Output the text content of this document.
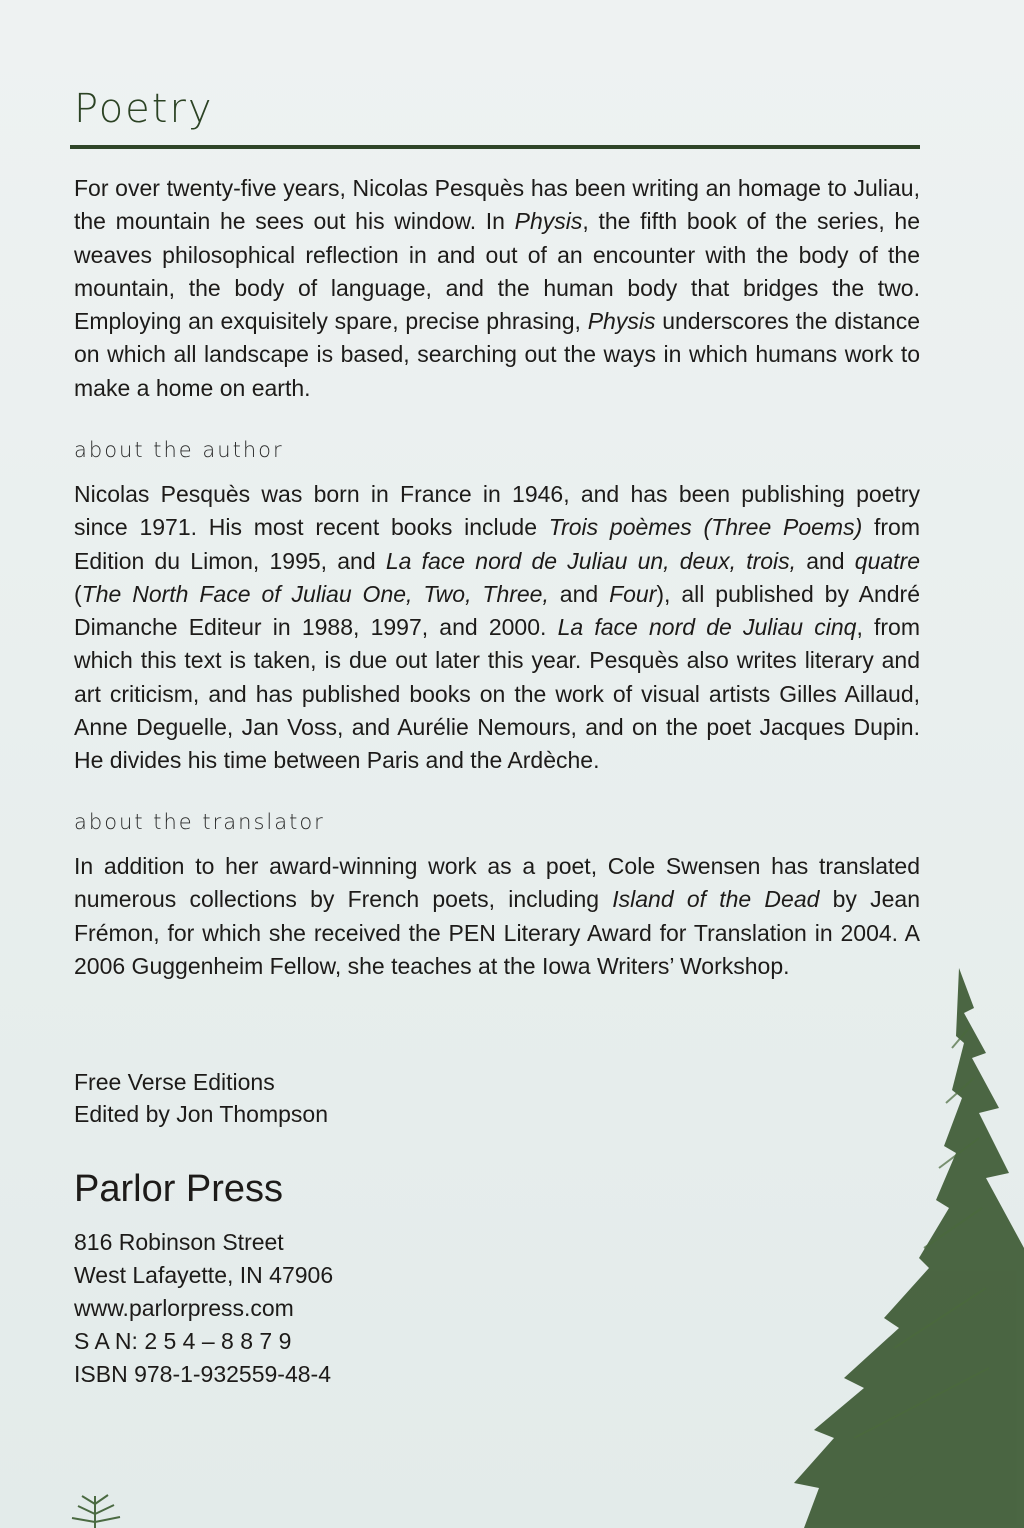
Poetry

For over twenty-five years, Nicolas Pesquès has been writing an homage to Juliau, the mountain he sees out his window. In Physis, the fifth book of the series, he weaves philosophical reflection in and out of an encounter with the body of the mountain, the body of language, and the human body that bridges the two. Employing an exquisitely spare, precise phrasing, Physis underscores the distance on which all landscape is based, searching out the ways in which humans work to make a home on earth.

about the author

Nicolas Pesquès was born in France in 1946, and has been publishing poetry since 1971. His most recent books include Trois poèmes (Three Poems) from Edition du Limon, 1995, and La face nord de Juliau un, deux, trois, and quatre (The North Face of Juliau One, Two, Three, and Four), all published by André Dimanche Editeur in 1988, 1997, and 2000. La face nord de Juliau cinq, from which this text is taken, is due out later this year. Pesquès also writes literary and art criticism, and has published books on the work of visual artists Gilles Aillaud, Anne Deguelle, Jan Voss, and Aurélie Nemours, and on the poet Jacques Dupin. He divides his time between Paris and the Ardèche.

about the translator

In addition to her award-winning work as a poet, Cole Swensen has translated numerous collections by French poets, including Island of the Dead by Jean Frémon, for which she received the PEN Literary Award for Translation in 2004. A 2006 Guggenheim Fellow, she teaches at the Iowa Writers’ Workshop.

Free Verse Editions
Edited by Jon Thompson
Parlor Press
816 Robinson Street
West Lafayette, IN 47906
www.parlorpress.com
S A N: 2 5 4 – 8 8 7 9
ISBN 978-1-932559-48-4
